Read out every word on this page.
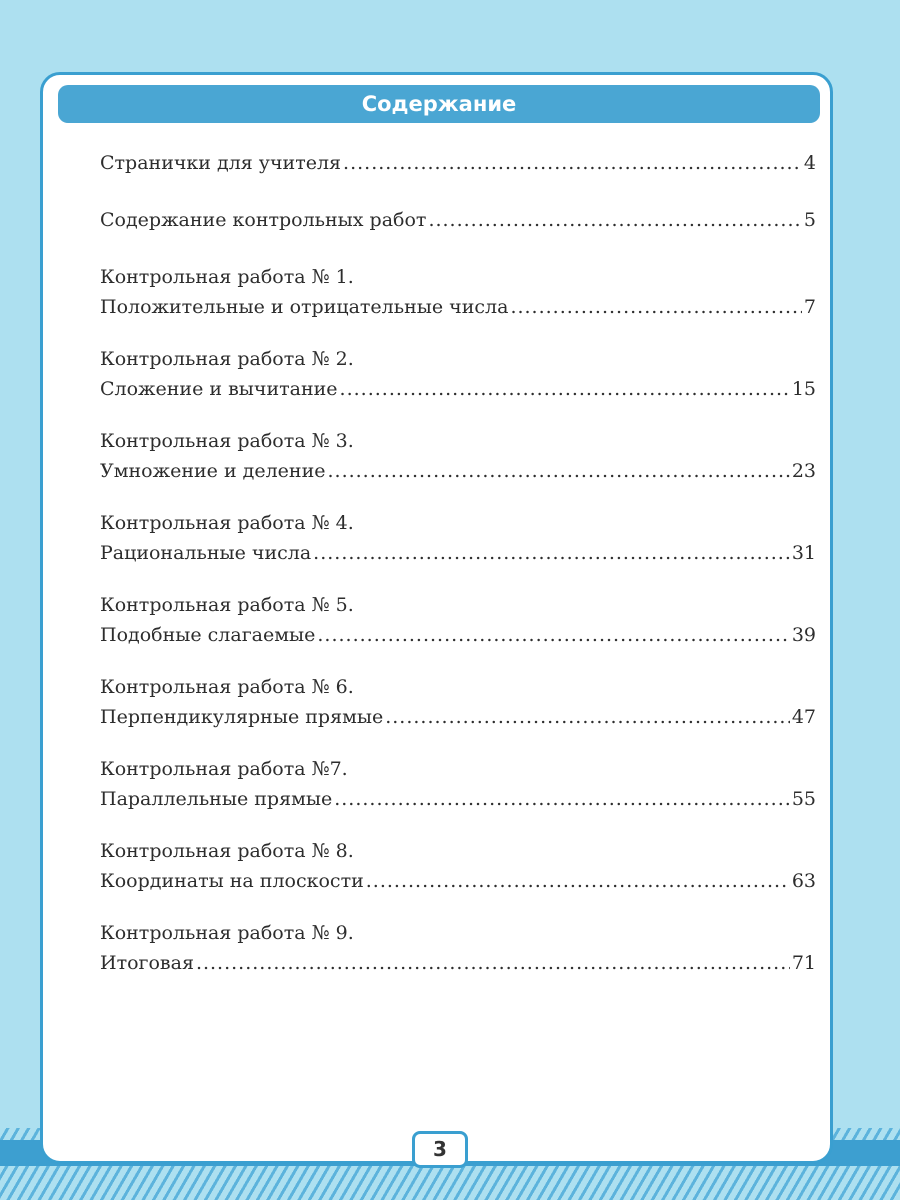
Содержание
Странички для учителя .....	4
Содержание контрольных работ .....	5
Контрольная работа № 1.
Положительные и отрицательные числа .....	7
Контрольная работа № 2.
Сложение и вычитание .....	15
Контрольная работа № 3.
Умножение и деление .....	23
Контрольная работа № 4.
Рациональные числа .....	31
Контрольная работа № 5.
Подобные слагаемые .....	39
Контрольная работа № 6.
Перпендикулярные прямые .....	47
Контрольная работа №7.
Параллельные прямые .....	55
Контрольная работа № 8.
Координаты на плоскости .....	63
Контрольная работа № 9.
Итоговая .....	71
3
